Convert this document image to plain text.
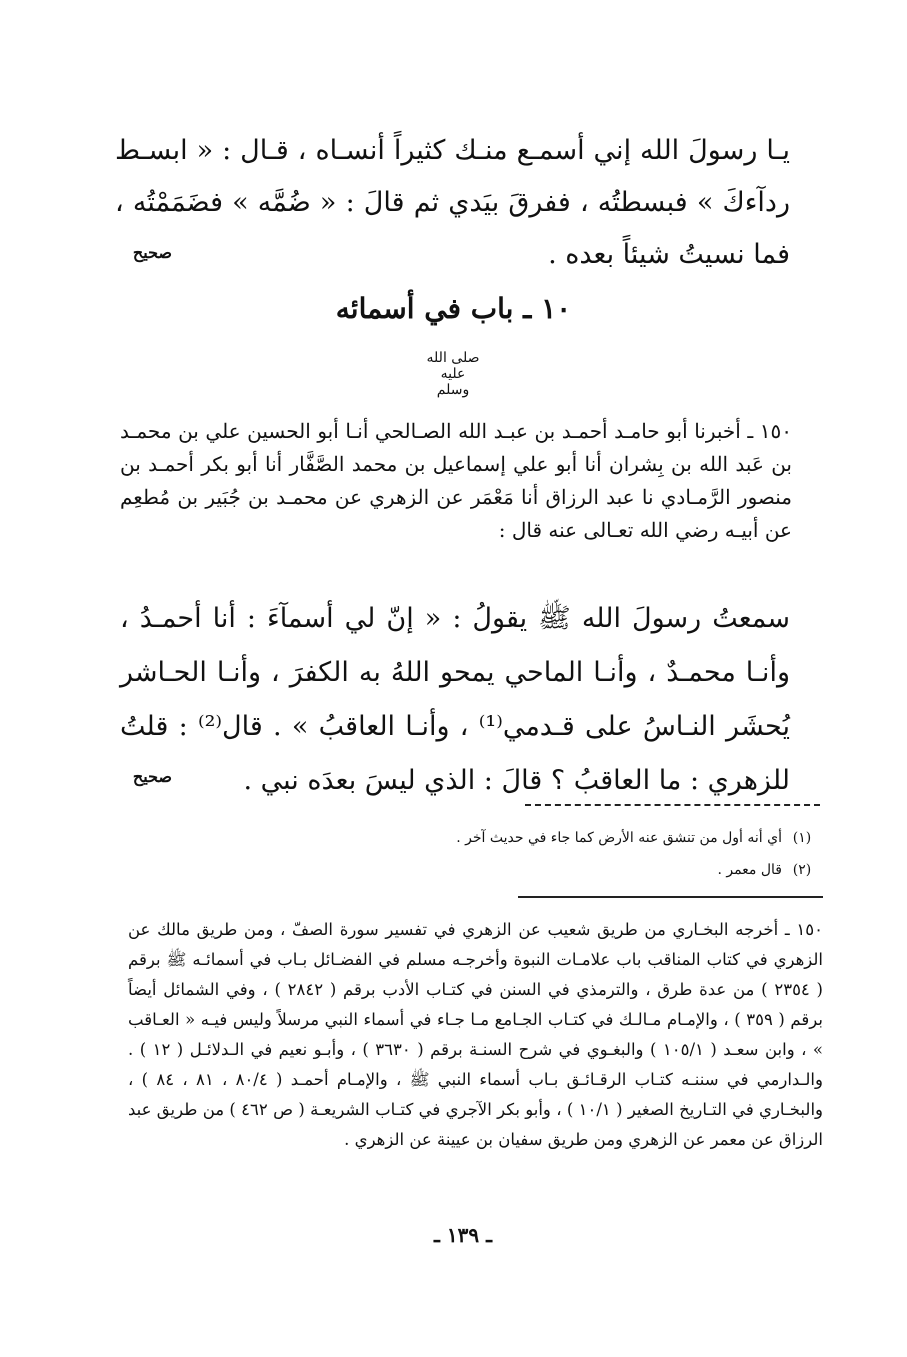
يـا رسولَ الله إني أسمـع منـك كثيراً أنسـاه ، قـال : « ابسـط ردآءكَ » فبسطتُه ، ففرقَ بيَدي ثم قالَ : « ضُمَّه » فضَمَمْتُه ، فما نسيتُ شيئاً بعده .
صحيح
١٠ ـ باب في أسمائه
صلى الله عليه وسلم
١٥٠ ـ أخبرنا أبو حامـد أحمـد بن عبـد الله الصـالحي أنـا أبو الحسين علي بن محمـد بن عَبد الله بن بِشران أنا أبو علي إسماعيل بن محمد الصَّفَّار أنا أبو بكر أحمـد بن منصور الرَّمـادي نا عبد الرزاق أنا مَعْمَر عن الزهري عن محمـد بن جُبَير بن مُطعِم عن أبيـه رضي الله تعـالى عنه قال :
سمعتُ رسولَ الله ﷺ يقولُ : « إنّ لي أسمآءَ : أنا أحمـدُ ، وأنـا محمـدٌ ، وأنـا الماحي يمحو اللهُ به الكفرَ ، وأنـا الحـاشر يُحشَر النـاسُ على قـدمي⁽¹⁾ ، وأنـا العاقبُ » . قال⁽²⁾ : قلتُ للزهري : ما العاقبُ ؟ قالَ : الذي ليسَ بعدَه نبي .
صحيح
(١)
أي أنه أول من تنشق عنه الأرض كما جاء في حديث آخر .
(٢)
قال معمر .
١٥٠ ـ أخرجه البخـاري من طريق شعيب عن الزهري في تفسير سورة الصفّ ، ومن طريق مالك عن الزهري في كتاب المناقب باب علامـات النبوة وأخرجـه مسلم في الفضـائل بـاب في أسمائـه ﷺ برقم ( ٢٣٥٤ ) من عدة طرق ، والترمذي في السنن في كتـاب الأدب برقم ( ٢٨٤٢ ) ، وفي الشمائل أيضاً برقم ( ٣٥٩ ) ، والإمـام مـالـك في كتـاب الجـامع مـا جـاء في أسماء النبي مرسلاً وليس فيـه « العـاقب » ، وابن سعـد ( ١٠٥/١ ) والبغـوي في شرح السنـة برقم ( ٣٦٣٠ ) ، وأبـو نعيم في الـدلائـل ( ١٢ ) . والـدارمي في سننـه كتـاب الرقـائـق بـاب أسماء النبي ﷺ ، والإمـام أحمـد ( ٨٠/٤ ، ٨١ ، ٨٤ ) ، والبخـاري في التـاريخ الصغير ( ١٠/١ ) ، وأبو بكر الآجري في كتـاب الشريعـة ( ص ٤٦٢ ) من طريق عبد الرزاق عن معمر عن الزهري ومن طريق سفيان بن عيينة عن الزهري .
ـ ١٣٩ ـ
